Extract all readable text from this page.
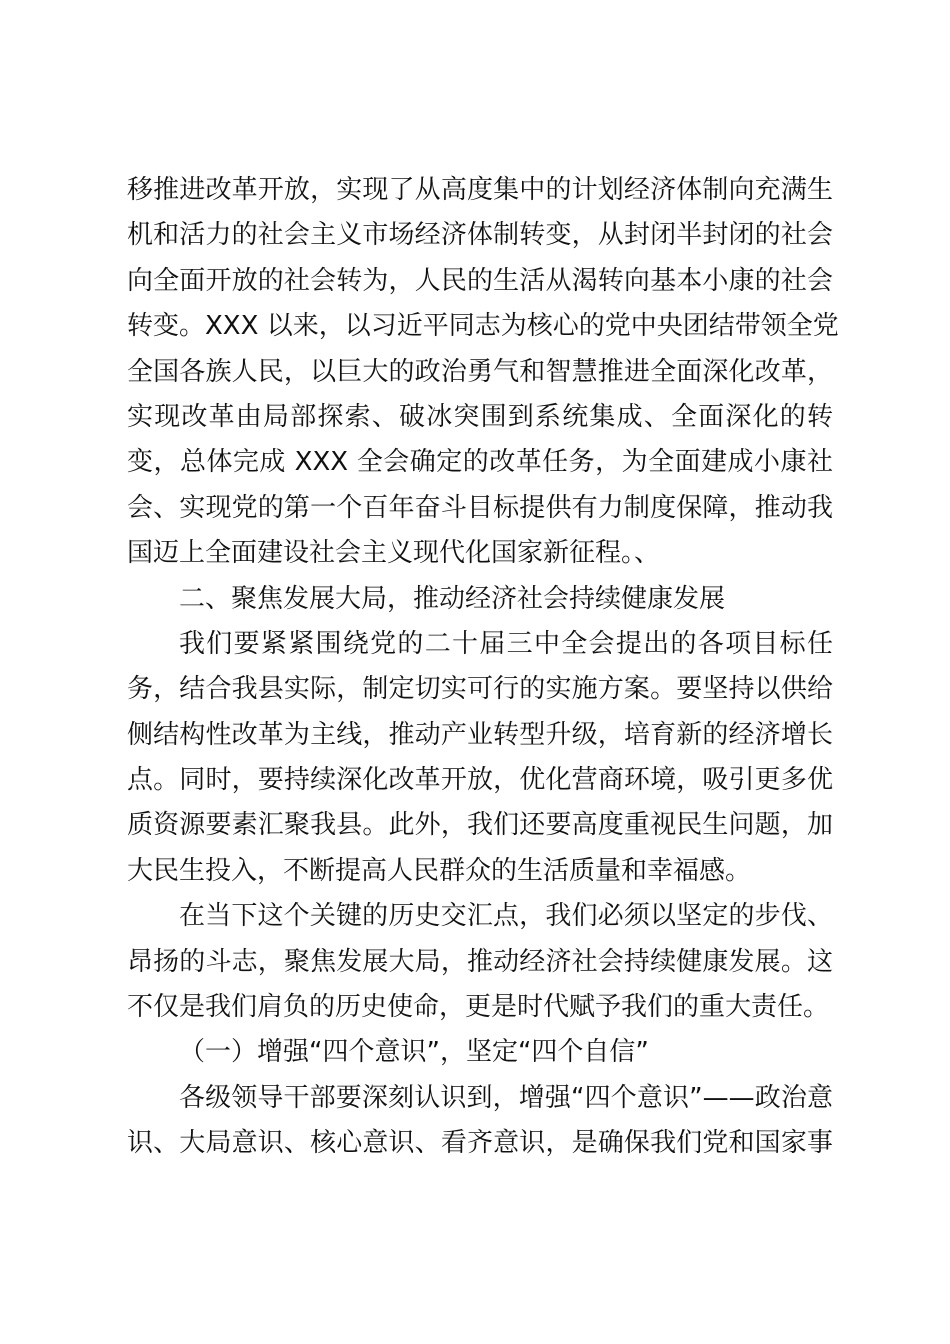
移推进改革开放，实现了从高度集中的计划经济体制向充满生
机和活力的社会主义市场经济体制转变，从封闭半封闭的社会
向全面开放的社会转为，人民的生活从渴转向基本小康的社会
转变。XXX 以来，以习近平同志为核心的党中央团结带领全党
全国各族人民，以巨大的政治勇气和智慧推进全面深化改革，
实现改革由局部探索、破冰突围到系统集成、全面深化的转
变，总体完成 XXX 全会确定的改革任务，为全面建成小康社
会、实现党的第一个百年奋斗目标提供有力制度保障，推动我
国迈上全面建设社会主义现代化国家新征程。、
二、聚焦发展大局，推动经济社会持续健康发展
我们要紧紧围绕党的二十届三中全会提出的各项目标任
务，结合我县实际，制定切实可行的实施方案。要坚持以供给
侧结构性改革为主线，推动产业转型升级，培育新的经济增长
点。同时，要持续深化改革开放，优化营商环境，吸引更多优
质资源要素汇聚我县。此外，我们还要高度重视民生问题，加
大民生投入，不断提高人民群众的生活质量和幸福感。
在当下这个关键的历史交汇点，我们必须以坚定的步伐、
昂扬的斗志，聚焦发展大局，推动经济社会持续健康发展。这
不仅是我们肩负的历史使命，更是时代赋予我们的重大责任。
（一）增强“四个意识”，坚定“四个自信”
各级领导干部要深刻认识到，增强“四个意识”——政治意
识、大局意识、核心意识、看齐意识，是确保我们党和国家事
